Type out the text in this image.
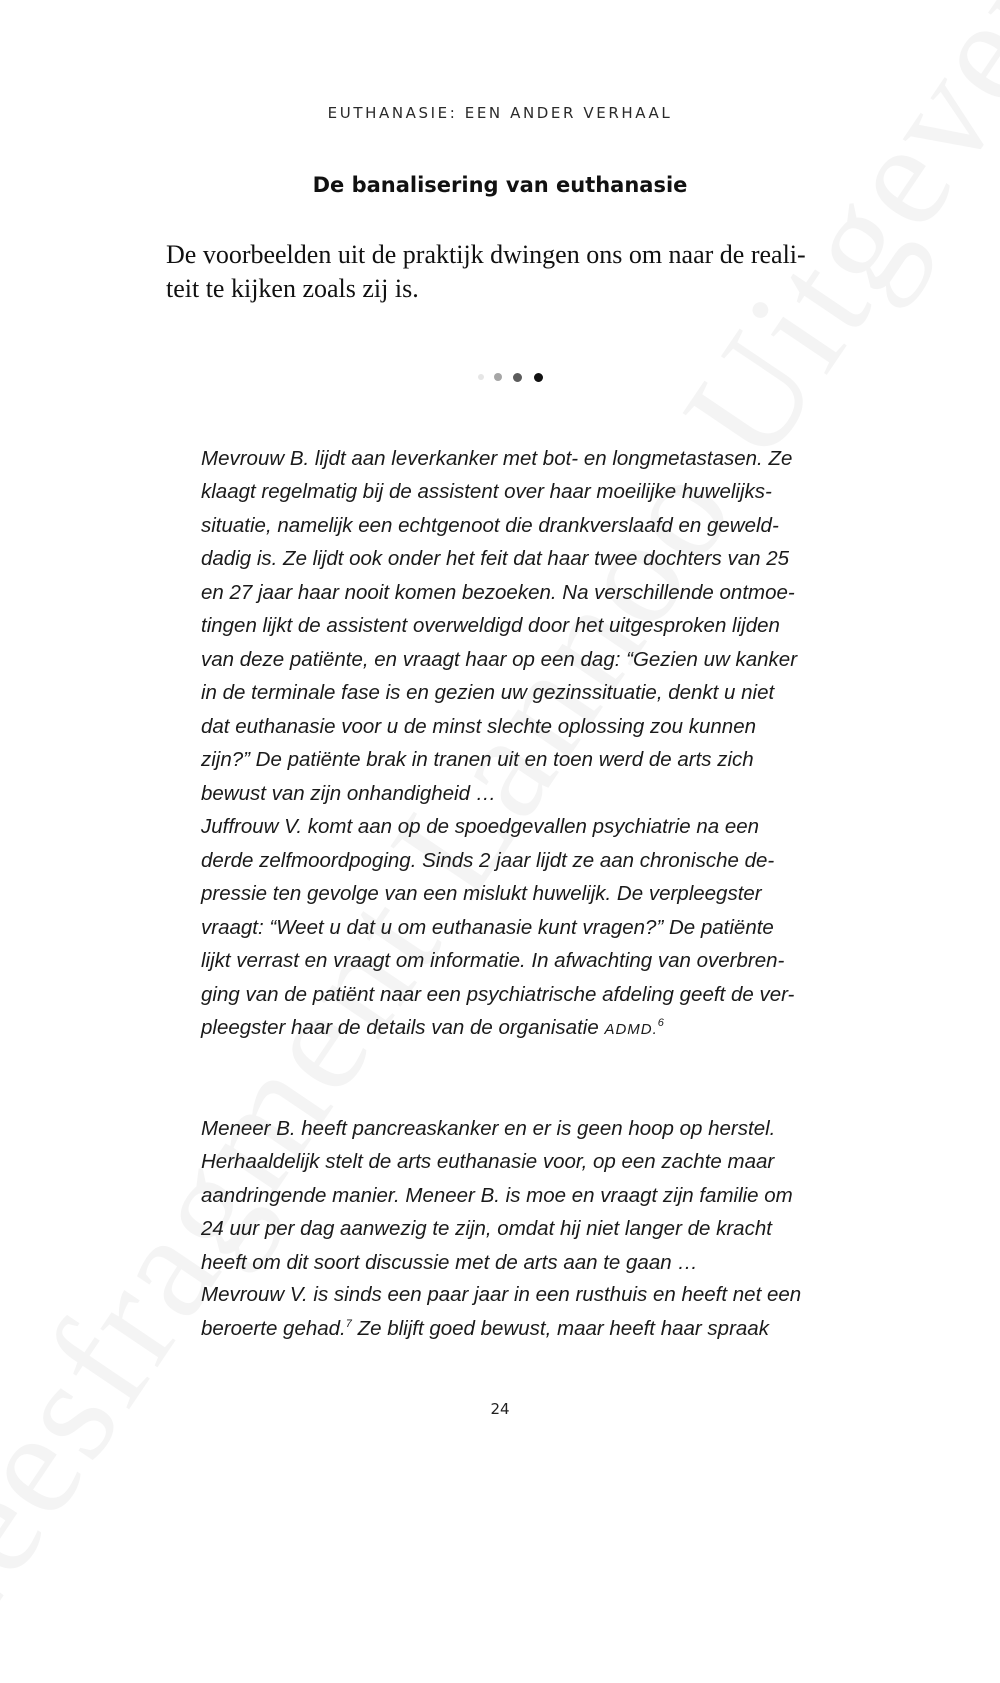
EUTHANASIE: EEN ANDER VERHAAL
De banalisering van euthanasie
De voorbeelden uit de praktijk dwingen ons om naar de reali-
teit te kijken zoals zij is.

Mevrouw B. lijdt aan leverkanker met bot- en longmetastasen. Ze
klaagt regelmatig bij de assistent over haar moeilijke huwelijks-
situatie, namelijk een echtgenoot die drankverslaafd en geweld-
dadig is. Ze lijdt ook onder het feit dat haar twee dochters van 25
en 27 jaar haar nooit komen bezoeken. Na verschillende ontmoe-
tingen lijkt de assistent overweldigd door het uitgesproken lijden
van deze patiënte, en vraagt haar op een dag: “Gezien uw kanker
in de terminale fase is en gezien uw gezinssituatie, denkt u niet
dat euthanasie voor u de minst slechte oplossing zou kunnen
zijn?” De patiënte brak in tranen uit en toen werd de arts zich
bewust van zijn onhandigheid …

Juffrouw V. komt aan op de spoedgevallen psychiatrie na een
derde zelfmoordpoging. Sinds 2 jaar lijdt ze aan chronische de-
pressie ten gevolge van een mislukt huwelijk. De verpleegster
vraagt: “Weet u dat u om euthanasie kunt vragen?” De patiënte
lijkt verrast en vraagt om informatie. In afwachting van overbren-
ging van de patiënt naar een psychiatrische afdeling geeft de ver-
pleegster haar de details van de organisatie ADMD.$^6$

Meneer B. heeft pancreaskanker en er is geen hoop op herstel.
Herhaaldelijk stelt de arts euthanasie voor, op een zachte maar
aandringende manier. Meneer B. is moe en vraagt zijn familie om
24 uur per dag aanwezig te zijn, omdat hij niet langer de kracht
heeft om dit soort discussie met de arts aan te gaan …

Mevrouw V. is sinds een paar jaar in een rusthuis en heeft net een
beroerte gehad.$^7$ Ze blijft goed bewust, maar heeft haar spraak
24
